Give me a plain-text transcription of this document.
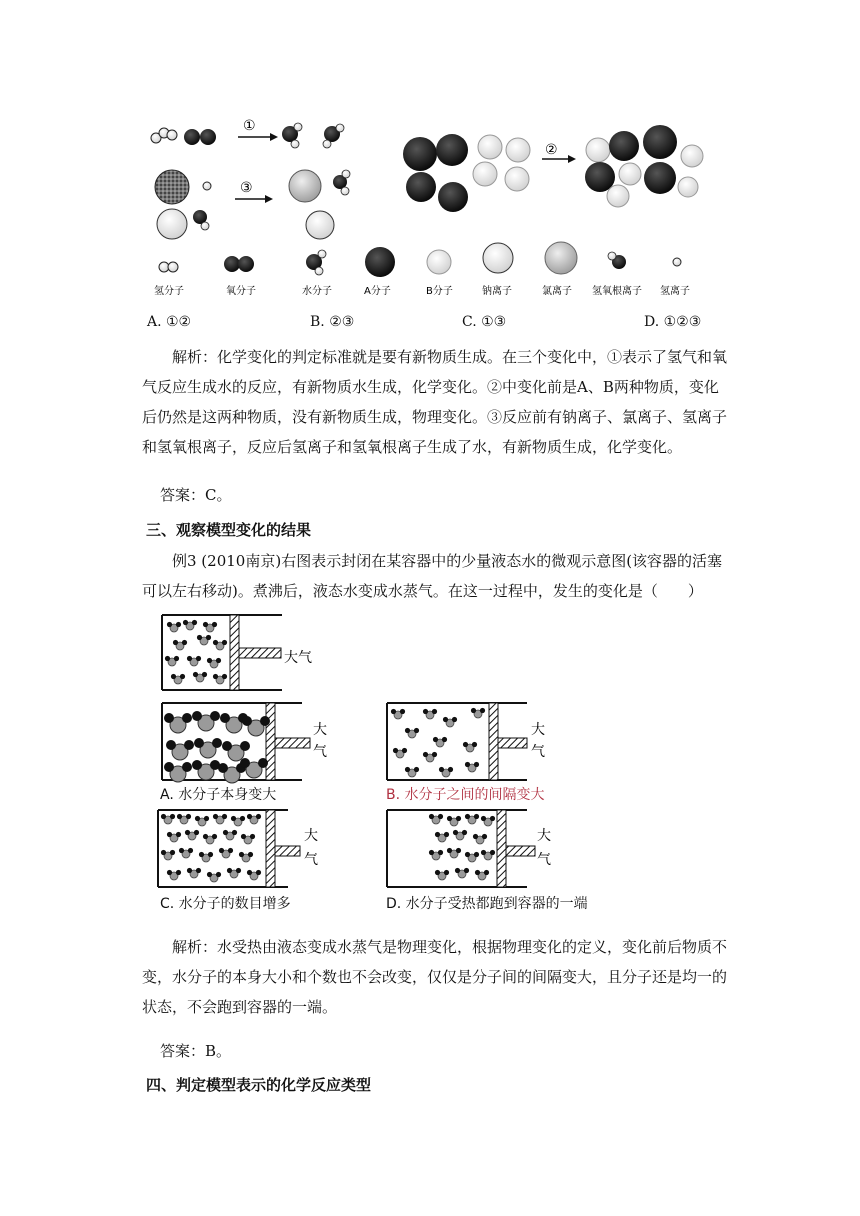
①
③
②
氢分子	氧分子	水分子	A分子	B分子	钠离子	氯离子 氢氧根离子 氢离子
A. ①②	B. ②③	C. ①③	D. ①②③
解析：化学变化的判定标准就是要有新物质生成。在三个变化中，①表示了氢气和氧气反应生成水的反应，有新物质水生成，化学变化。②中变化前是A、B两种物质，变化后仍然是这两种物质，没有新物质生成，物理变化。③反应前有钠离子、氯离子、氢离子和氢氧根离子，反应后氢离子和氢氧根离子生成了水，有新物质生成，化学变化。
答案：C。
三、观察模型变化的结果
例3 (2010南京)右图表示封闭在某容器中的少量液态水的微观示意图(该容器的活塞可以左右移动)。煮沸后，液态水变成水蒸气。在这一过程中，发生的变化是（　　）
大气
大
气
大
气
大
气
大
气
A. 水分子本身变大	B. 水分子之间的间隔变大
C. 水分子的数目增多	D. 水分子受热都跑到容器的一端
解析：水受热由液态变成水蒸气是物理变化，根据物理变化的定义，变化前后物质不变，水分子的本身大小和个数也不会改变，仅仅是分子间的间隔变大，且分子还是均一的状态，不会跑到容器的一端。
答案：B。
四、判定模型表示的化学反应类型
